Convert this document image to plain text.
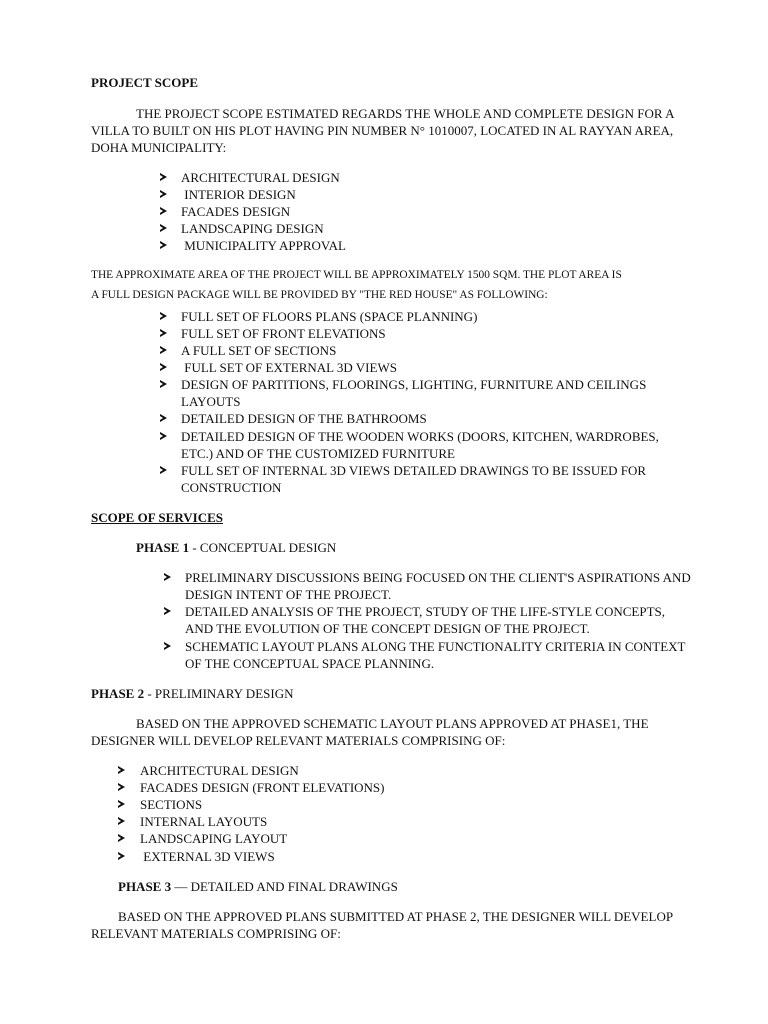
PROJECT SCOPE
THE PROJECT SCOPE ESTIMATED REGARDS THE WHOLE AND COMPLETE DESIGN FOR A
VILLA TO BUILT ON HIS PLOT HAVING PIN NUMBER N° 1010007, LOCATED IN AL RAYYAN AREA,
DOHA MUNICIPALITY:
ARCHITECTURAL DESIGN
INTERIOR DESIGN
FACADES DESIGN
LANDSCAPING DESIGN
MUNICIPALITY APPROVAL
THE APPROXIMATE AREA OF THE PROJECT WILL BE APPROXIMATELY 1500 SQM. THE PLOT AREA IS
A FULL DESIGN PACKAGE WILL BE PROVIDED BY "THE RED HOUSE" AS FOLLOWING:
FULL SET OF FLOORS PLANS (SPACE PLANNING)
FULL SET OF FRONT ELEVATIONS
A FULL SET OF SECTIONS
FULL SET OF EXTERNAL 3D VIEWS
DESIGN OF PARTITIONS, FLOORINGS, LIGHTING, FURNITURE AND CEILINGS
LAYOUTS
DETAILED DESIGN OF THE BATHROOMS
DETAILED DESIGN OF THE WOODEN WORKS (DOORS, KITCHEN, WARDROBES,
ETC.) AND OF THE CUSTOMIZED FURNITURE
FULL SET OF INTERNAL 3D VIEWS DETAILED DRAWINGS TO BE ISSUED FOR
CONSTRUCTION
SCOPE OF SERVICES
PHASE 1 - CONCEPTUAL DESIGN
PRELIMINARY DISCUSSIONS BEING FOCUSED ON THE CLIENT'S ASPIRATIONS AND
DESIGN INTENT OF THE PROJECT.
DETAILED ANALYSIS OF THE PROJECT, STUDY OF THE LIFE-STYLE CONCEPTS,
AND THE EVOLUTION OF THE CONCEPT DESIGN OF THE PROJECT.
SCHEMATIC LAYOUT PLANS ALONG THE FUNCTIONALITY CRITERIA IN CONTEXT
OF THE CONCEPTUAL SPACE PLANNING.
PHASE 2 - PRELIMINARY DESIGN
BASED ON THE APPROVED SCHEMATIC LAYOUT PLANS APPROVED AT PHASE1, THE
DESIGNER WILL DEVELOP RELEVANT MATERIALS COMPRISING OF:
ARCHITECTURAL DESIGN
FACADES DESIGN (FRONT ELEVATIONS)
SECTIONS
INTERNAL LAYOUTS
LANDSCAPING LAYOUT
EXTERNAL 3D VIEWS
PHASE 3 — DETAILED AND FINAL DRAWINGS
BASED ON THE APPROVED PLANS SUBMITTED AT PHASE 2, THE DESIGNER WILL DEVELOP
RELEVANT MATERIALS COMPRISING OF:
